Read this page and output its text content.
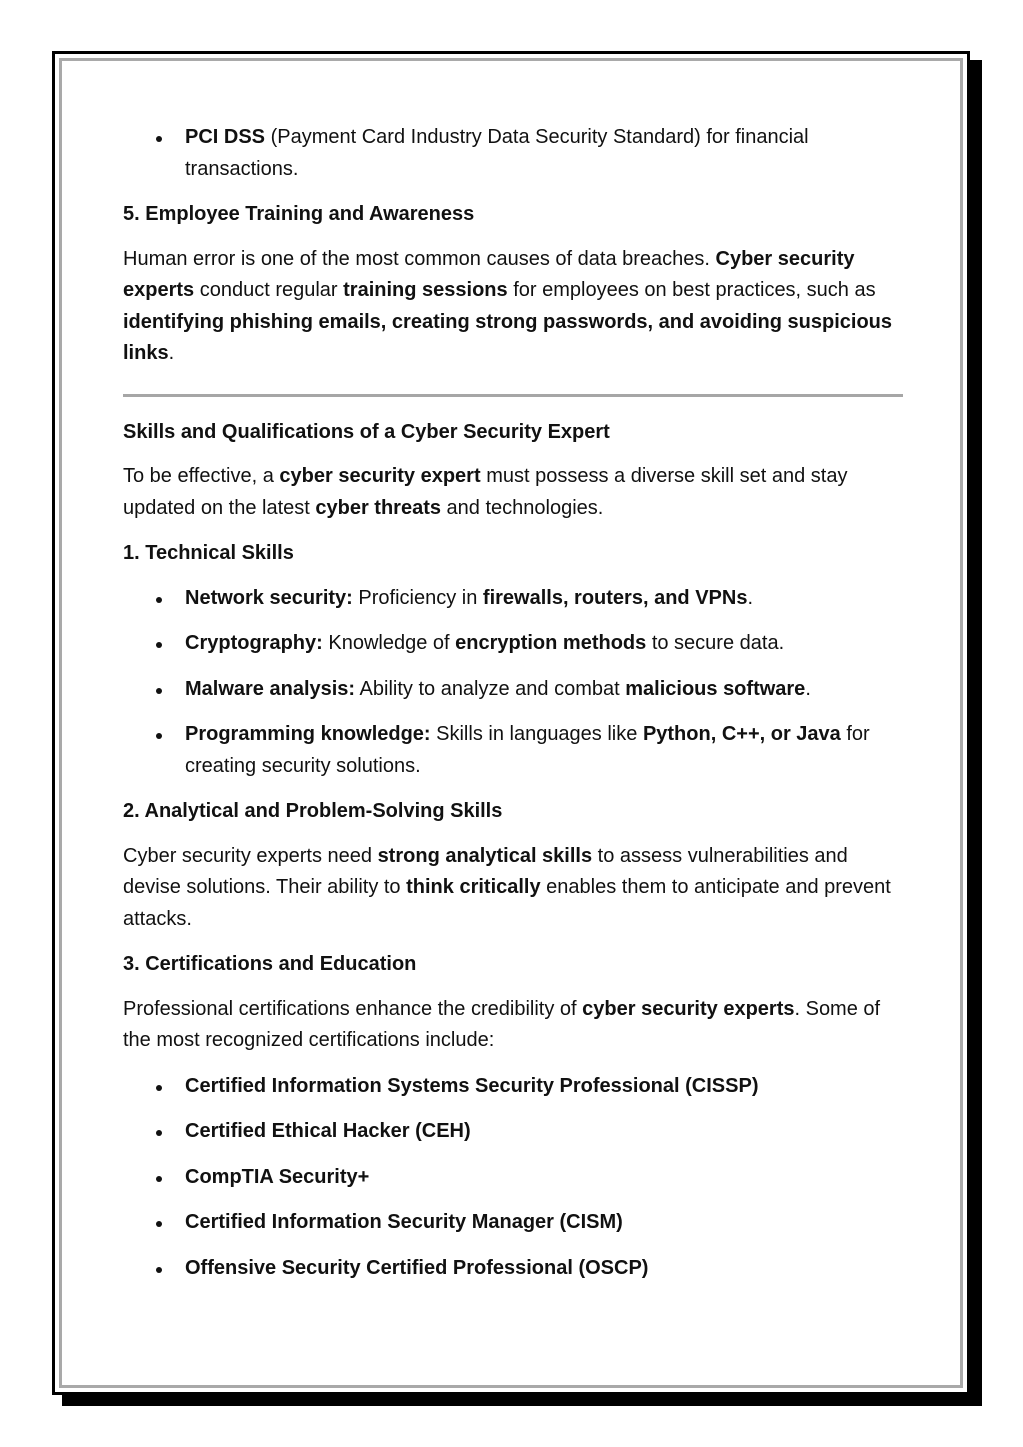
PCI DSS (Payment Card Industry Data Security Standard) for financial transactions.
5. Employee Training and Awareness

Human error is one of the most common causes of data breaches. Cyber security experts conduct regular training sessions for employees on best practices, such as identifying phishing emails, creating strong passwords, and avoiding suspicious links.

Skills and Qualifications of a Cyber Security Expert

To be effective, a cyber security expert must possess a diverse skill set and stay updated on the latest cyber threats and technologies.

1. Technical Skills
Network security: Proficiency in firewalls, routers, and VPNs.
Cryptography: Knowledge of encryption methods to secure data.
Malware analysis: Ability to analyze and combat malicious software.
Programming knowledge: Skills in languages like Python, C++, or Java for creating security solutions.
2. Analytical and Problem-Solving Skills

Cyber security experts need strong analytical skills to assess vulnerabilities and devise solutions. Their ability to think critically enables them to anticipate and prevent attacks.

3. Certifications and Education

Professional certifications enhance the credibility of cyber security experts. Some of the most recognized certifications include:

Certified Information Systems Security Professional (CISSP)
Certified Ethical Hacker (CEH)
CompTIA Security+
Certified Information Security Manager (CISM)
Offensive Security Certified Professional (OSCP)
